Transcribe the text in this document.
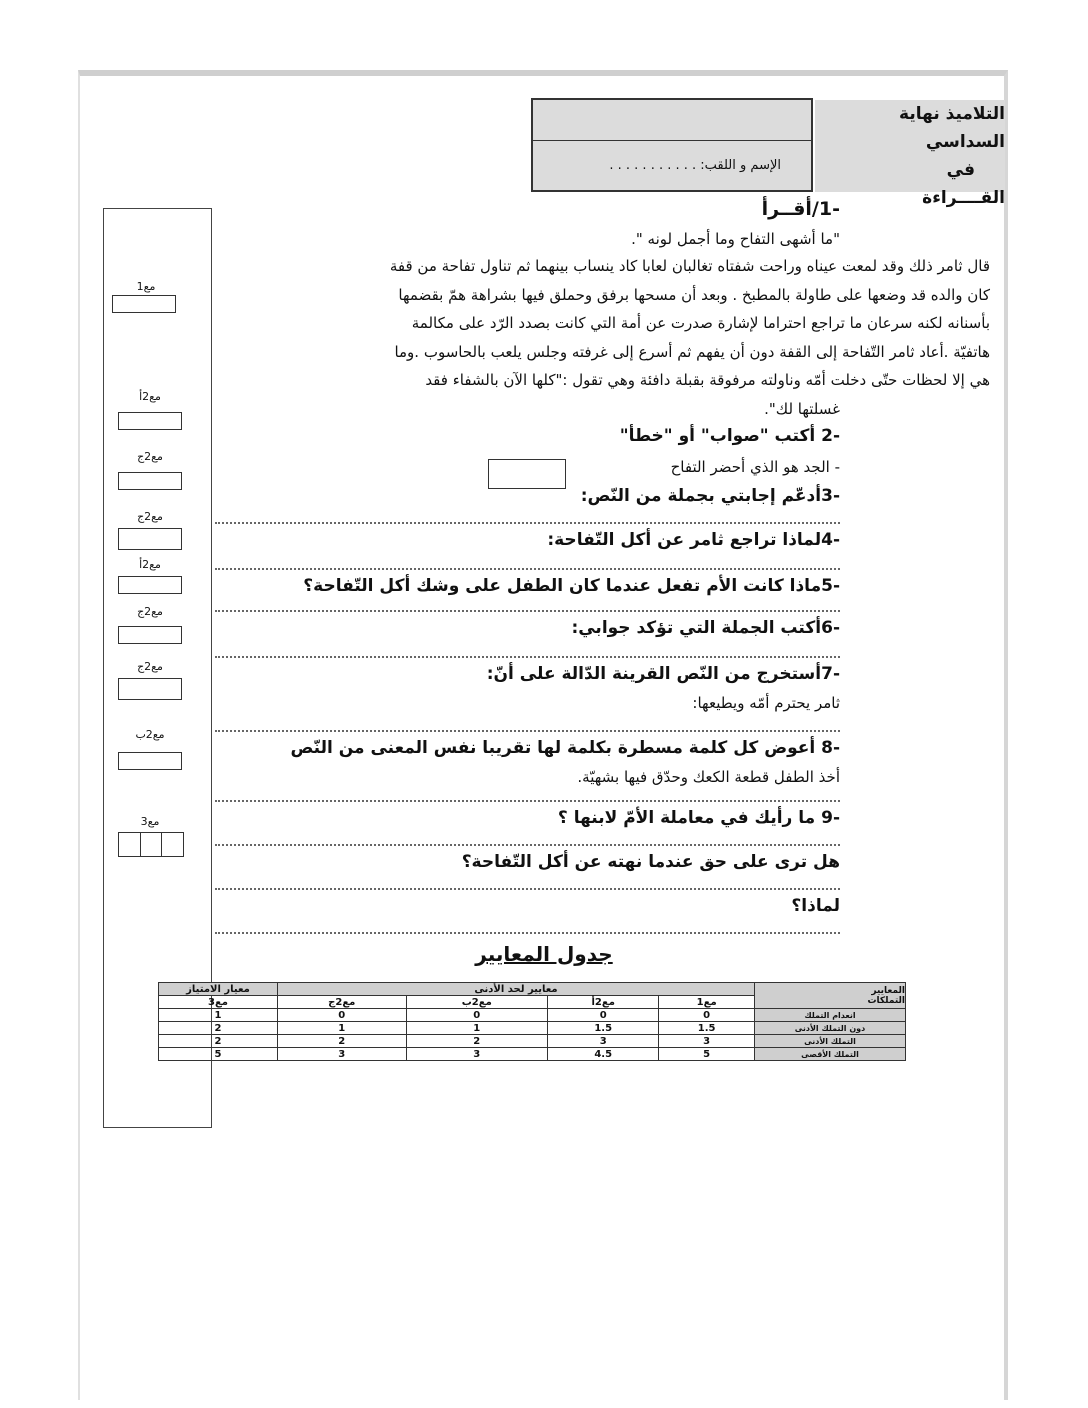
الإسم و اللقب: . . . . . . . . . . .
التلاميذ نهاية السداسي
في
القــــراءة
مع1
مع2أ
مع2ج
مع2ج
مع2أ
مع2ج
مع2ج
مع2ب
مع3
-1/أقــرأ
"ما أشهى التفاح وما أجمل لونه ".
قال ثامر ذلك وقد لمعت عيناه وراحت شفتاه تغالبان لعابا كاد ينساب بينهما ثم تناول تفاحة من قفة
كان والده قد وضعها على طاولة بالمطبخ . وبعد أن مسحها برفق وحملق فيها بشراهة همّ بقضمها
بأسنانه لكنه سرعان ما تراجع احتراما لإشارة صدرت عن أمة التي كانت بصدد الرّد على مكالمة
هاتفيّة .أعاد ثامر التّفاحة إلى القفة دون أن يفهم ثم أسرع إلى غرفته وجلس يلعب بالحاسوب .وما
هي إلا لحظات حتّى دخلت أمّه وناولته مرفوقة بقبلة دافئة وهي تقول :"كلها الآن بالشفاء فقد
غسلتها لك".
-2 أكتب "صواب" أو "خطأ"
- الجد هو الذي أحضر التفاح
-3أدعّم إجابتي بجملة من النّص:
-4لماذا تراجع ثامر عن أكل التّفاحة:
-5ماذا كانت الأم تفعل عندما كان الطفل على وشك أكل التّفاحة؟
-6أكتب الجملة التي تؤكد جوابي:
-7أستخرج من النّص القرينة الدّالة على أنّ:
ثامر يحترم أمّه ويطيعها:
-8 أعوض كل كلمة مسطرة بكلمة لها تقريبا نفس المعنى من النّص
أخذ الطفل قطعة الكعك وحدّق فيها بشهيّة.
-9 ما رأيك في معاملة الأمّ لابنها ؟
هل ترى على حق عندما نهته عن أكل التّفاحة؟
لماذا؟
جدول المعايير
معيار الامتياز	معايير لحد الأدنى				المعايير
التملكات

مع3	مع2ج	مع2ب	مع2أ	مع1	
1	0	0	0	0	انعدام التملك
2	1	1	1.5	1.5	دون التملك الأدنى
2	2	2	3	3	التملك الأدنى
5	3	3	4.5	5	التملك الأقصى
